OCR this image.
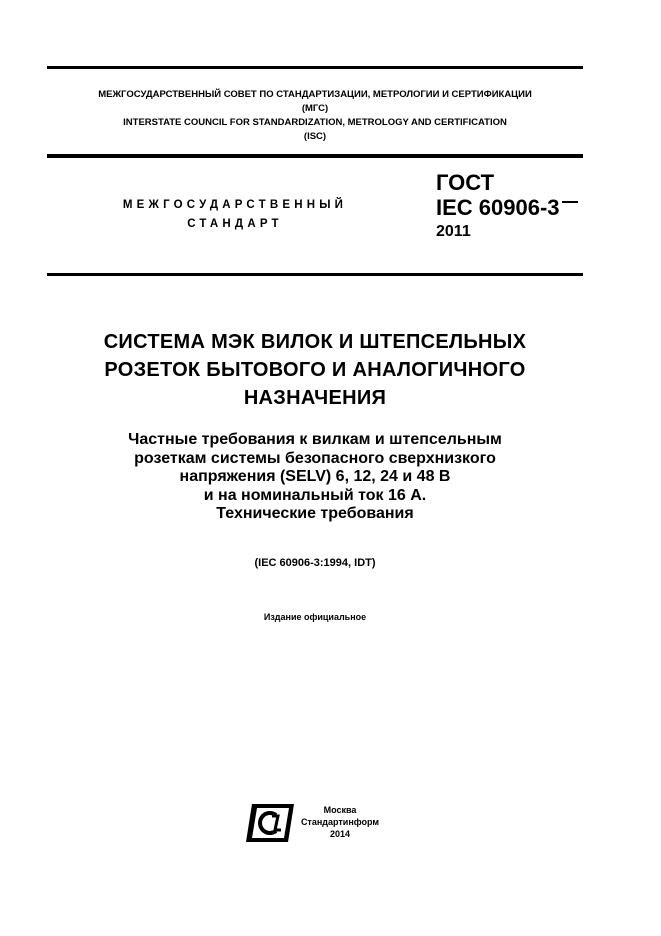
МЕЖГОСУДАРСТВЕННЫЙ СОВЕТ ПО СТАНДАРТИЗАЦИИ, МЕТРОЛОГИИ И СЕРТИФИКАЦИИ
(МГС)
INTERSTATE COUNCIL FOR STANDARDIZATION, METROLOGY AND CERTIFICATION
(ISC)
МЕЖГОСУДАРСТВЕННЫЙ
СТАНДАРТ
ГОСТ
IEC 60906-3
2011
СИСТЕМА МЭК ВИЛОК И ШТЕПСЕЛЬНЫХ
РОЗЕТОК БЫТОВОГО И АНАЛОГИЧНОГО
НАЗНАЧЕНИЯ
Частные требования к вилкам и штепсельным
розеткам системы безопасного сверхнизкого
напряжения (SELV) 6, 12, 24 и 48 В
и на номинальный ток 16 А.
Технические требования
(IEC 60906-3:1994, IDT)
Издание официальное
Москва
Стандартинформ
2014
